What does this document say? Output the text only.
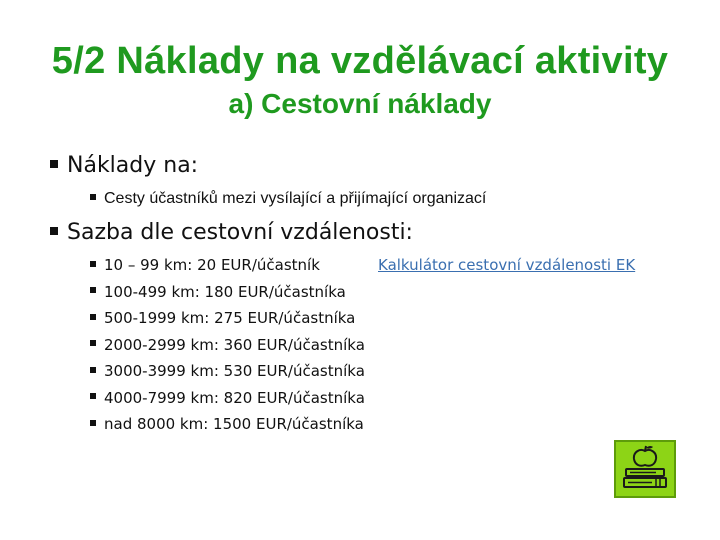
5/2 Náklady na vzdělávací aktivity
a) Cestovní náklady
Náklady na:
Cesty účastníků mezi vysílající a přijímající organizací
Sazba dle cestovní vzdálenosti:
10 – 99 km: 20 EUR/účastník
100-499 km: 180 EUR/účastníka
500-1999 km: 275 EUR/účastníka
2000-2999 km: 360 EUR/účastníka
3000-3999 km: 530 EUR/účastníka
4000-7999 km: 820 EUR/účastníka
nad 8000 km: 1500 EUR/účastníka
Kalkulátor cestovní vzdálenosti EK
